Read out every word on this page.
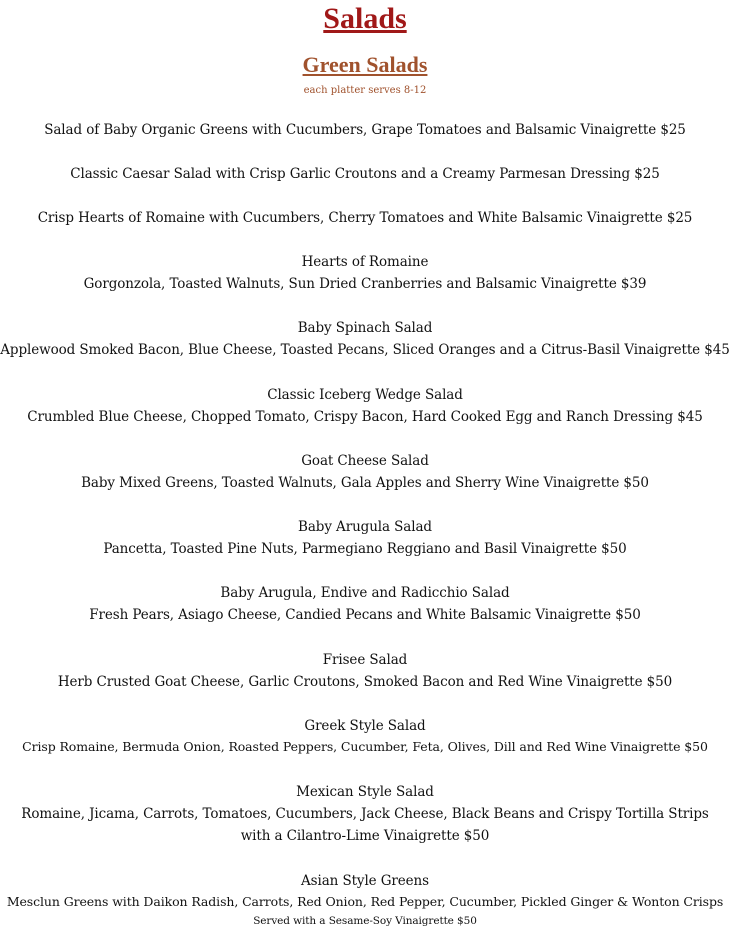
Salads
Green Salads
each platter serves 8-12
Salad of Baby Organic Greens with Cucumbers, Grape Tomatoes and Balsamic Vinaigrette $25
Classic Caesar Salad with Crisp Garlic Croutons and a Creamy Parmesan Dressing $25
Crisp Hearts of Romaine with Cucumbers, Cherry Tomatoes and White Balsamic Vinaigrette $25
Hearts of Romaine
Gorgonzola, Toasted Walnuts, Sun Dried Cranberries and Balsamic Vinaigrette $39
Baby Spinach Salad
Applewood Smoked Bacon, Blue Cheese, Toasted Pecans, Sliced Oranges and a Citrus-Basil Vinaigrette $45
Classic Iceberg Wedge Salad
Crumbled Blue Cheese, Chopped Tomato, Crispy Bacon, Hard Cooked Egg and Ranch Dressing $45
Goat Cheese Salad
Baby Mixed Greens, Toasted Walnuts, Gala Apples and Sherry Wine Vinaigrette $50
Baby Arugula Salad
Pancetta, Toasted Pine Nuts, Parmegiano Reggiano and Basil Vinaigrette $50
Baby Arugula, Endive and Radicchio Salad
Fresh Pears, Asiago Cheese, Candied Pecans and White Balsamic Vinaigrette $50
Frisee Salad
Herb Crusted Goat Cheese, Garlic Croutons, Smoked Bacon and Red Wine Vinaigrette $50
Greek Style Salad
Crisp Romaine, Bermuda Onion, Roasted Peppers, Cucumber, Feta, Olives, Dill and Red Wine Vinaigrette $50
Mexican Style Salad
Romaine, Jicama, Carrots, Tomatoes, Cucumbers, Jack Cheese, Black Beans and Crispy Tortilla Strips
with a Cilantro-Lime Vinaigrette $50
Asian Style Greens
Mesclun Greens with Daikon Radish, Carrots, Red Onion, Red Pepper, Cucumber, Pickled Ginger & Wonton Crisps
Served with a Sesame-Soy Vinaigrette $50
